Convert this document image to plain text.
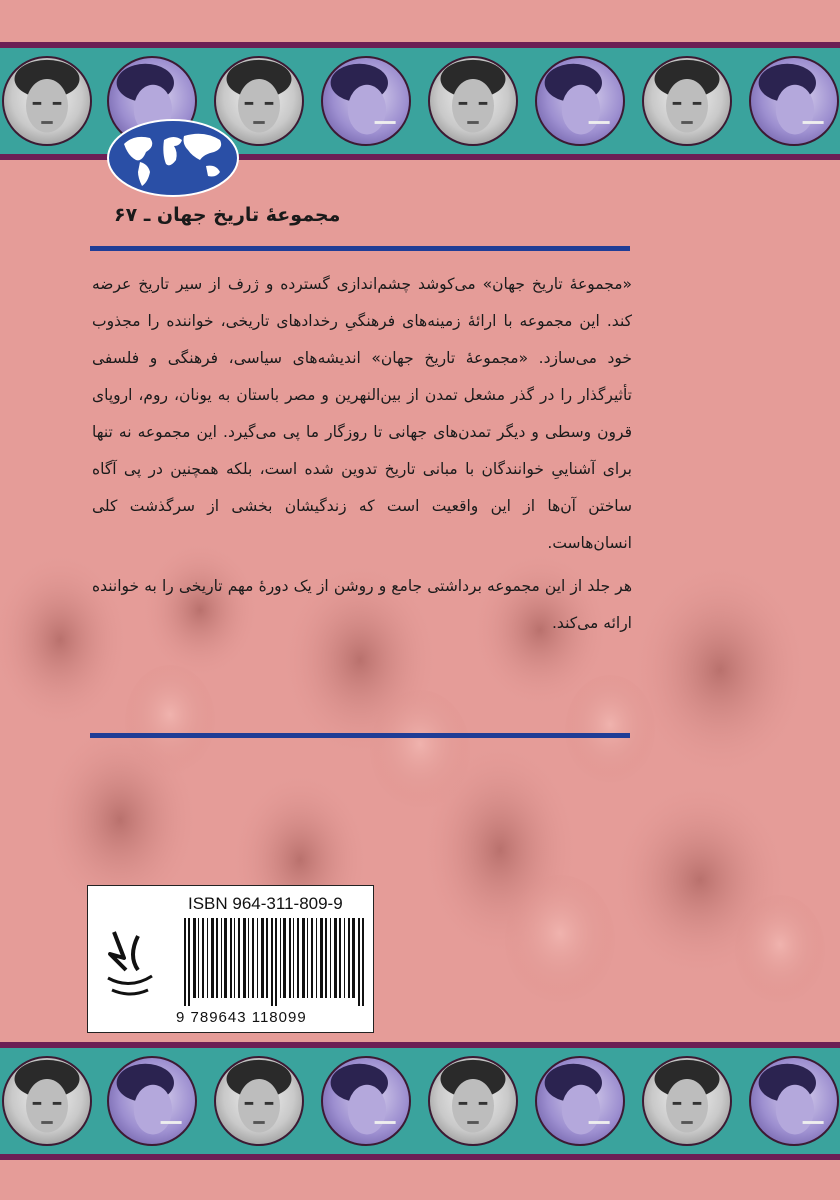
مجموعۀ تاریخ جهان ـ ۶۷

«مجموعۀ تاریخ جهان» می‌کوشد چشم‌اندازی گسترده و ژرف از سیر تاریخ عرضه کند. این مجموعه با ارائۀ زمینه‌های فرهنگیِ رخدادهای تاریخی، خواننده را مجذوب خود می‌سازد. «مجموعۀ تاریخ جهان» اندیشه‌های سیاسی، فرهنگی و فلسفی تأثیرگذار را در گذر مشعل تمدن از بین‌النهرین و مصر باستان به یونان، روم، اروپای قرون وسطی و دیگر تمدن‌های جهانی تا روزگار ما پی می‌گیرد. این مجموعه نه تنها برای آشناییِ خوانندگان با مبانی تاریخ تدوین شده است، بلکه همچنین در پی آگاه ساختن آن‌ها از این واقعیت است که زندگیشان بخشی از سرگذشت کلی انسان‌هاست.

هر جلد از این مجموعه برداشتی جامع و روشن از یک دورۀ مهم تاریخی را به خواننده ارائه می‌کند.

ISBN 964-311-809-9
9 789643 118099
